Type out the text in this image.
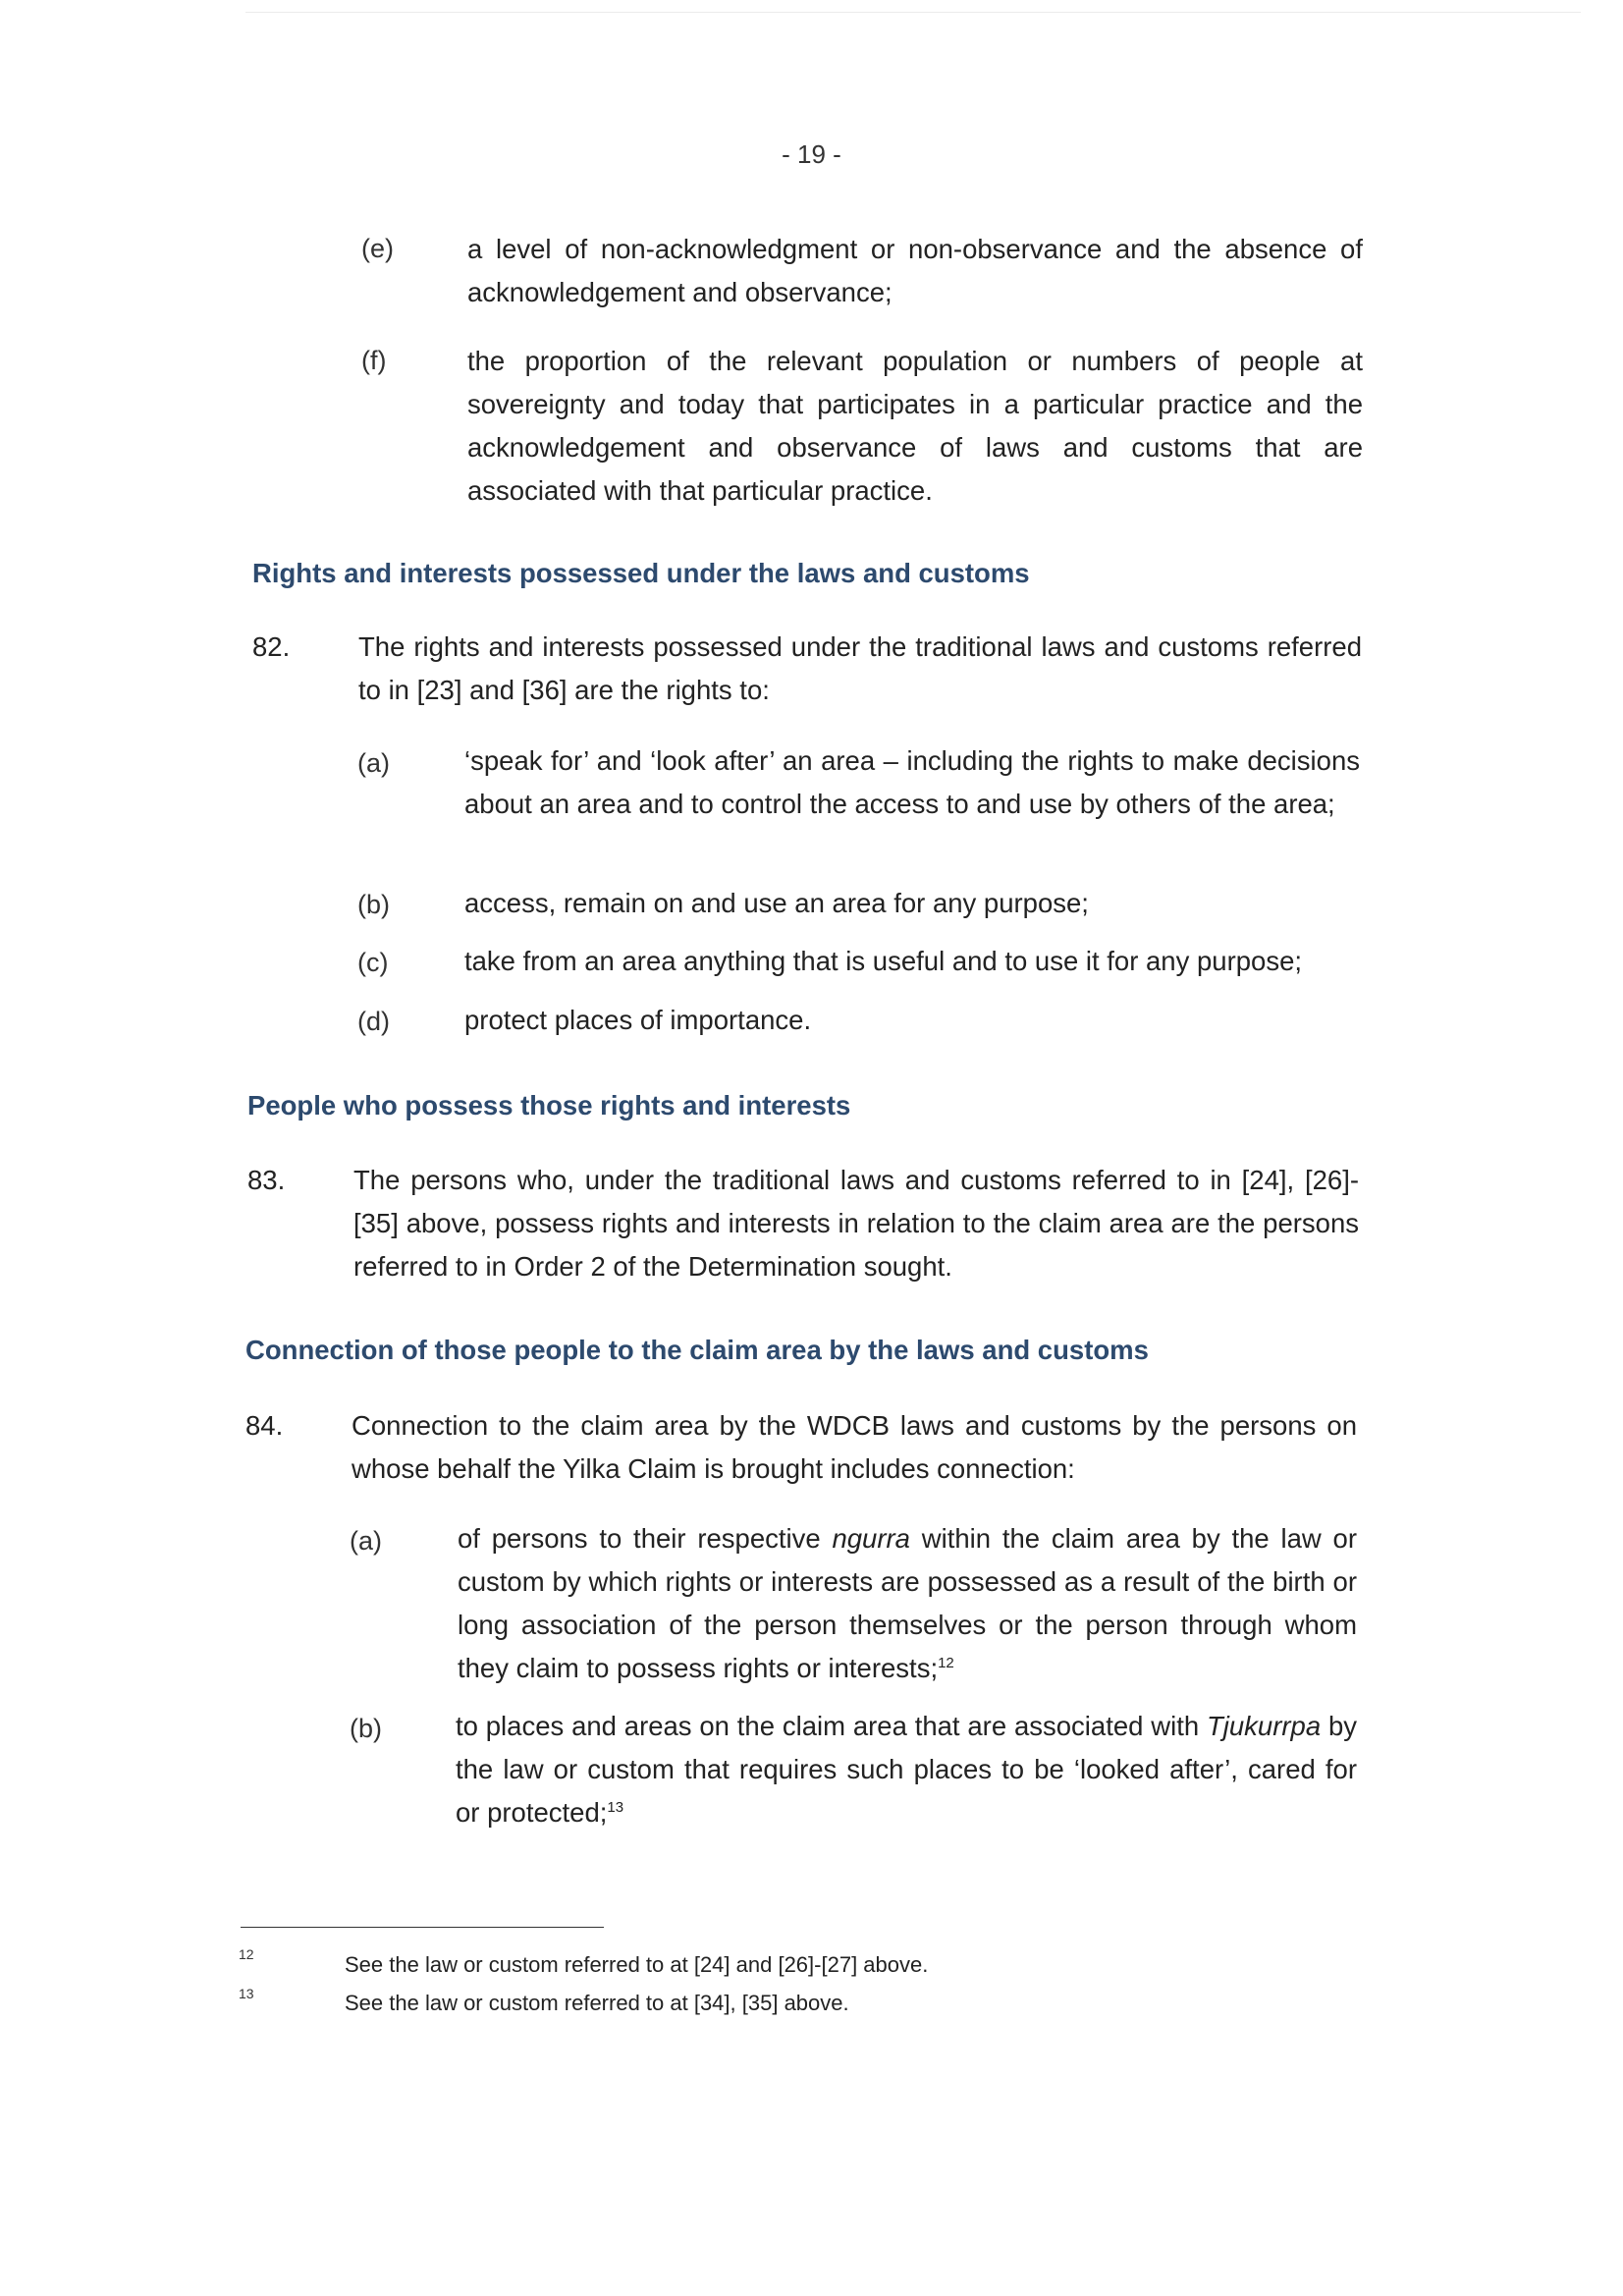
- 19 -
(e)	a level of non-acknowledgment or non-observance and the absence of acknowledgement and observance;
(f)	the proportion of the relevant population or numbers of people at sovereignty and today that participates in a particular practice and the acknowledgement and observance of laws and customs that are associated with that particular practice.
Rights and interests possessed under the laws and customs
82.	The rights and interests possessed under the traditional laws and customs referred to in [23] and [36] are the rights to:
(a)	‘speak for’ and ‘look after’ an area – including the rights to make decisions about an area and to control the access to and use by others of the area;
(b)	access, remain on and use an area for any purpose;
(c)	take from an area anything that is useful and to use it for any purpose;
(d)	protect places of importance.
People who possess those rights and interests
83.	The persons who, under the traditional laws and customs referred to in [24], [26]-[35] above, possess rights and interests in relation to the claim area are the persons referred to in Order 2 of the Determination sought.
Connection of those people to the claim area by the laws and customs
84.	Connection to the claim area by the WDCB laws and customs by the persons on whose behalf the Yilka Claim is brought includes connection:
(a)	of persons to their respective ngurra within the claim area by the law or custom by which rights or interests are possessed as a result of the birth or long association of the person themselves or the person through whom they claim to possess rights or interests;$^{12}$
(b)	to places and areas on the claim area that are associated with Tjukurrpa by the law or custom that requires such places to be ‘looked after’, cared for or protected;$^{13}$
12	See the law or custom referred to at [24] and [26]-[27] above.
13	See the law or custom referred to at [34], [35] above.
